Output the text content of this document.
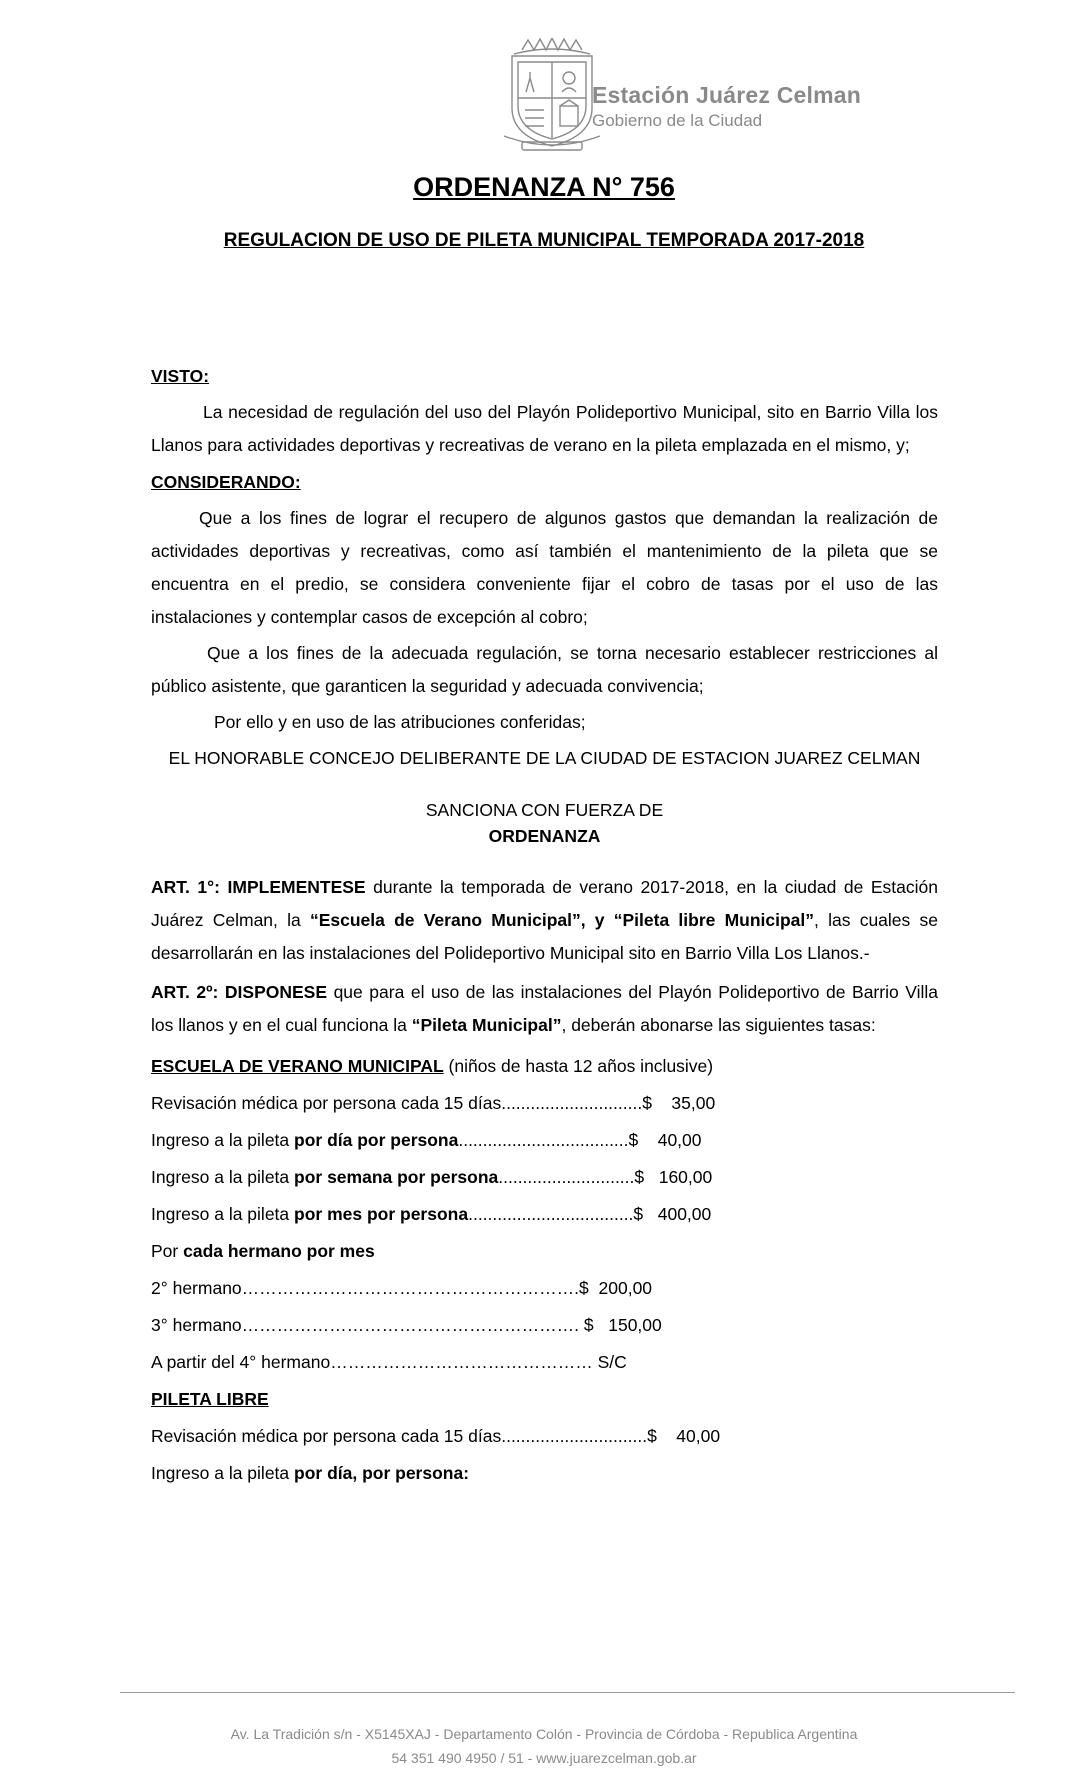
Estación Juárez Celman
Gobierno de la Ciudad
ORDENANZA N° 756
REGULACION DE USO DE PILETA MUNICIPAL TEMPORADA 2017-2018

VISTO:

La necesidad de regulación del uso del Playón Polideportivo Municipal, sito en Barrio Villa los Llanos para actividades deportivas y recreativas de verano en la pileta emplazada en el mismo, y;

CONSIDERANDO:

Que a los fines de lograr el recupero de algunos gastos que demandan la realización de actividades deportivas y recreativas, como así también el mantenimiento de la pileta que se encuentra en el predio, se considera conveniente fijar el cobro de tasas por el uso de las instalaciones y contemplar casos de excepción al cobro;

Que a los fines de la adecuada regulación, se torna necesario establecer restricciones al público asistente, que garanticen la seguridad y adecuada convivencia;

Por ello y en uso de las atribuciones conferidas;

EL HONORABLE CONCEJO DELIBERANTE DE LA CIUDAD DE ESTACION JUAREZ CELMAN

SANCIONA CON FUERZA DE

ORDENANZA

ART. 1°: IMPLEMENTESE durante la temporada de verano 2017-2018, en la ciudad de Estación Juárez Celman, la “Escuela de Verano Municipal”, y “Pileta libre Municipal”, las cuales se desarrollarán en las instalaciones del Polideportivo Municipal sito en Barrio Villa Los Llanos.-

ART. 2º: DISPONESE que para el uso de las instalaciones del Playón Polideportivo de Barrio Villa los llanos y en el cual funciona la “Pileta Municipal”, deberán abonarse las siguientes tasas:

ESCUELA DE VERANO MUNICIPAL (niños de hasta 12 años inclusive)

Revisación médica por persona cada 15 días.............................$    35,00
Ingreso a la pileta por día por persona...................................$    40,00
Ingreso a la pileta por semana por persona............................$   160,00
Ingreso a la pileta por mes por persona..................................$   400,00
Por cada hermano por mes
2° hermano………………………………………………….$  200,00
3° hermano…………………………………………………. $   150,00
A partir del 4° hermano……………………………………… S/C

PILETA LIBRE

Revisación médica por persona cada 15 días..............................$    40,00
Ingreso a la pileta por día, por persona:
Av. La Tradición s/n - X5145XAJ - Departamento Colón - Provincia de Córdoba - Republica Argentina
54 351 490 4950 / 51 - www.juarezcelman.gob.ar
